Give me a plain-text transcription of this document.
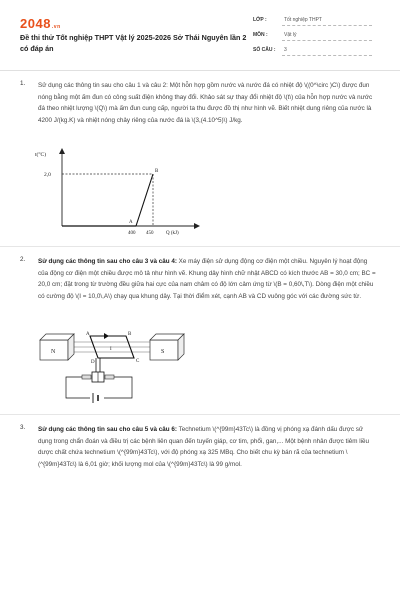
2048.vn
Đề thi thử Tốt nghiệp THPT Vật lý 2025-2026 Sở Thái Nguyên lần 2 có đáp án
LỚP :	Tốt nghiệp THPT
MÔN :	Vật lý
SỐ CÂU : 3
1. Sử dụng các thông tin sau cho câu 1 và câu 2: Một hỗn hợp gồm nước và nước đá có nhiệt độ \((0^\circ )C\) được đun nóng bằng một ấm đun có công suất điện không thay đổi. Khảo sát sự thay đổi nhiệt độ \(t\) của hỗn hợp nước và nước đá theo nhiệt lượng \(Q\) mà ấm đun cung cấp, người ta thu được đồ thị như hình vẽ. Biết nhiệt dung riêng của nước là 4200 J/(kg.K) và nhiệt nóng chảy riêng của nước đá là \(3,(4.10^5)\) J/kg.
t(°C)
2,0
A
B
400 450	Q (kJ)
2. Sử dụng các thông tin sau cho câu 3 và câu 4: Xe máy điện sử dụng động cơ điện một chiều. Nguyên lý hoạt động của động cơ điện một chiều được mô tả như hình vẽ. Khung dây hình chữ nhật ABCD có kích thước AB = 30,0 cm; BC = 20,0 cm; đặt trong từ trường đều giữa hai cực của nam châm có độ lớn cảm ứng từ \(B = 0,60\,T\). Dòng điện một chiều có cường độ \(I = 10,0\,A\) chạy qua khung dây. Tại thời điểm xét, cạnh AB và CD vuông góc với các đường sức từ.
A	B
C
D
I
N	S
3. Sử dụng các thông tin sau cho câu 5 và câu 6: Technetium \(^{99m}43Tc\) là đồng vị phóng xạ đánh dấu được sử dụng trong chẩn đoán và điều trị các bệnh liên quan đến tuyến giáp, cơ tim, phổi, gan,... Một bệnh nhân được tiêm liều dược chất chứa technetium \(^{99m}43Tc\), với độ phóng xạ 325 MBq. Cho biết chu kỳ bán rã của technetium \(^{99m}43Tc\) là 6,01 giờ; khối lượng mol của \(^{99m}43Tc\) là 99 g/mol.
